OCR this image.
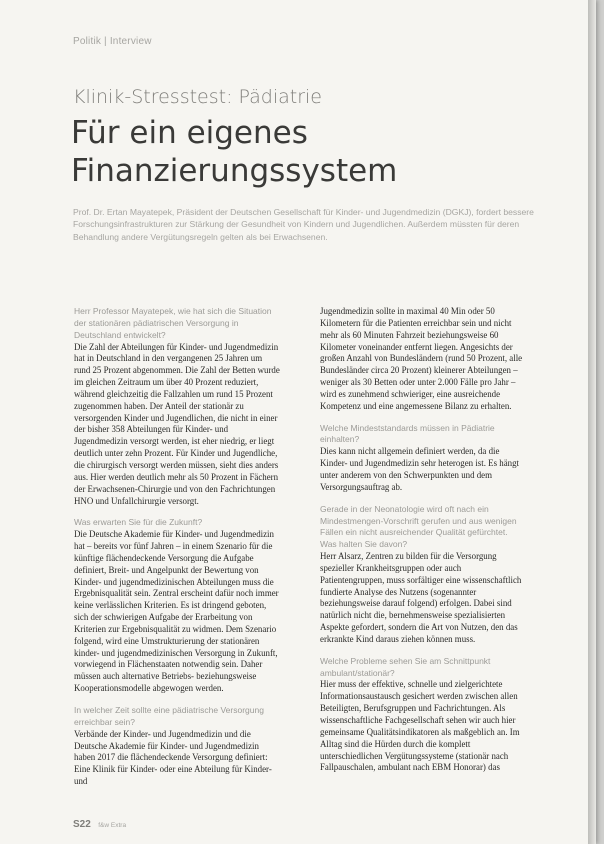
Politik | Interview
Klinik-Stresstest: Pädiatrie
Für ein eigenes
Finanzierungssystem
Prof. Dr. Ertan Mayatepek, Präsident der Deutschen Gesellschaft für Kinder- und Jugendmedizin (DGKJ), fordert bessere Forschungsinfrastrukturen zur Stärkung der Gesundheit von Kindern und Jugendlichen. Außerdem müssten für deren Behandlung andere Vergütungsregeln gelten als bei Erwachsenen.
Herr Professor Mayatepek, wie hat sich die Situation der stationären pädiatrischen Versorgung in Deutschland entwickelt?
Die Zahl der Abteilungen für Kinder- und Jugendmedizin hat in Deutschland in den vergangenen 25 Jahren um rund 25 Prozent abgenommen. Die Zahl der Betten wurde im gleichen Zeitraum um über 40 Prozent reduziert, während gleichzeitig die Fallzahlen um rund 15 Prozent zugenommen haben. Der Anteil der stationär zu versorgenden Kinder und Jugendlichen, die nicht in einer der bisher 358 Abteilungen für Kinder- und Jugendmedizin versorgt werden, ist eher niedrig, er liegt deutlich unter zehn Prozent. Für Kinder und Jugendliche, die chirurgisch versorgt werden müssen, sieht dies anders aus. Hier werden deutlich mehr als 50 Prozent in Fächern der Erwachsenen-Chirurgie und von den Fachrichtungen HNO und Unfallchirurgie versorgt.
Was erwarten Sie für die Zukunft?
Die Deutsche Akademie für Kinder- und Jugendmedizin hat – bereits vor fünf Jahren – in einem Szenario für die künftige flächendeckende Versorgung die Aufgabe definiert, Breit- und Angelpunkt der Bewertung von Kinder- und jugendmedizinischen Abteilungen muss die Ergebnisqualität sein. Zentral erscheint dafür noch immer keine verlässlichen Kriterien. Es ist dringend geboten, sich der schwierigen Aufgabe der Erarbeitung von Kriterien zur Ergebnisqualität zu widmen. Dem Szenario folgend, wird eine Umstrukturierung der stationären kinder- und jugendmedizinischen Versorgung in Zukunft, vorwiegend in Flächenstaaten notwendig sein. Daher müssen auch alternative Betriebs- beziehungsweise Kooperationsmodelle abgewogen werden.
In welcher Zeit sollte eine pädiatrische Versorgung erreichbar sein?
Verbände der Kinder- und Jugendmedizin und die Deutsche Akademie für Kinder- und Jugendmedizin haben 2017 die flächendeckende Versorgung definiert: Eine Klinik für Kinder- oder eine Abteilung für Kinder- und
Jugendmedizin sollte in maximal 40 Min oder 50 Kilometern für die Patienten erreichbar sein und nicht mehr als 60 Minuten Fahrzeit beziehungsweise 60 Kilometer voneinander entfernt liegen. Angesichts der großen Anzahl von Bundesländern (rund 50 Prozent, alle Bundesländer circa 20 Prozent) kleinerer Abteilungen – weniger als 30 Betten oder unter 2.000 Fälle pro Jahr – wird es zunehmend schwieriger, eine ausreichende Kompetenz und eine angemessene Bilanz zu erhalten.
Welche Mindeststandards müssen in Pädiatrie einhalten?
Dies kann nicht allgemein definiert werden, da die Kinder- und Jugendmedizin sehr heterogen ist. Es hängt unter anderem von den Schwerpunkten und dem Versorgungsauftrag ab.
Gerade in der Neonatologie wird oft nach ein Mindestmengen-Vorschrift gerufen und aus wenigen Fällen ein nicht ausreichender Qualität gefürchtet. Was halten Sie davon?
Herr Alsarz, Zentren zu bilden für die Versorgung spezieller Krankheitsgruppen oder auch Patientengruppen, muss sorfältiger eine wissenschaftlich fundierte Analyse des Nutzens (sogenannter beziehungsweise darauf folgend) erfolgen. Dabei sind natürlich nicht die, bernehmensweise spezialisierten Aspekte gefordert, sondern die Art von Nutzen, den das erkrankte Kind daraus ziehen können muss.
Welche Probleme sehen Sie am Schnittpunkt ambulant/stationär?
Hier muss der effektive, schnelle und zielgerichtete Informationsaustausch gesichert werden zwischen allen Beteiligten, Berufsgruppen und Fachrichtungen. Als wissenschaftliche Fachgesellschaft sehen wir auch hier gemeinsame Qualitätsindikatoren als maßgeblich an. Im Alltag sind die Hürden durch die komplett unterschiedlichen Vergütungssysteme (stationär nach Fallpauschalen, ambulant nach EBM Honorar) das
S22 f&w Extra
